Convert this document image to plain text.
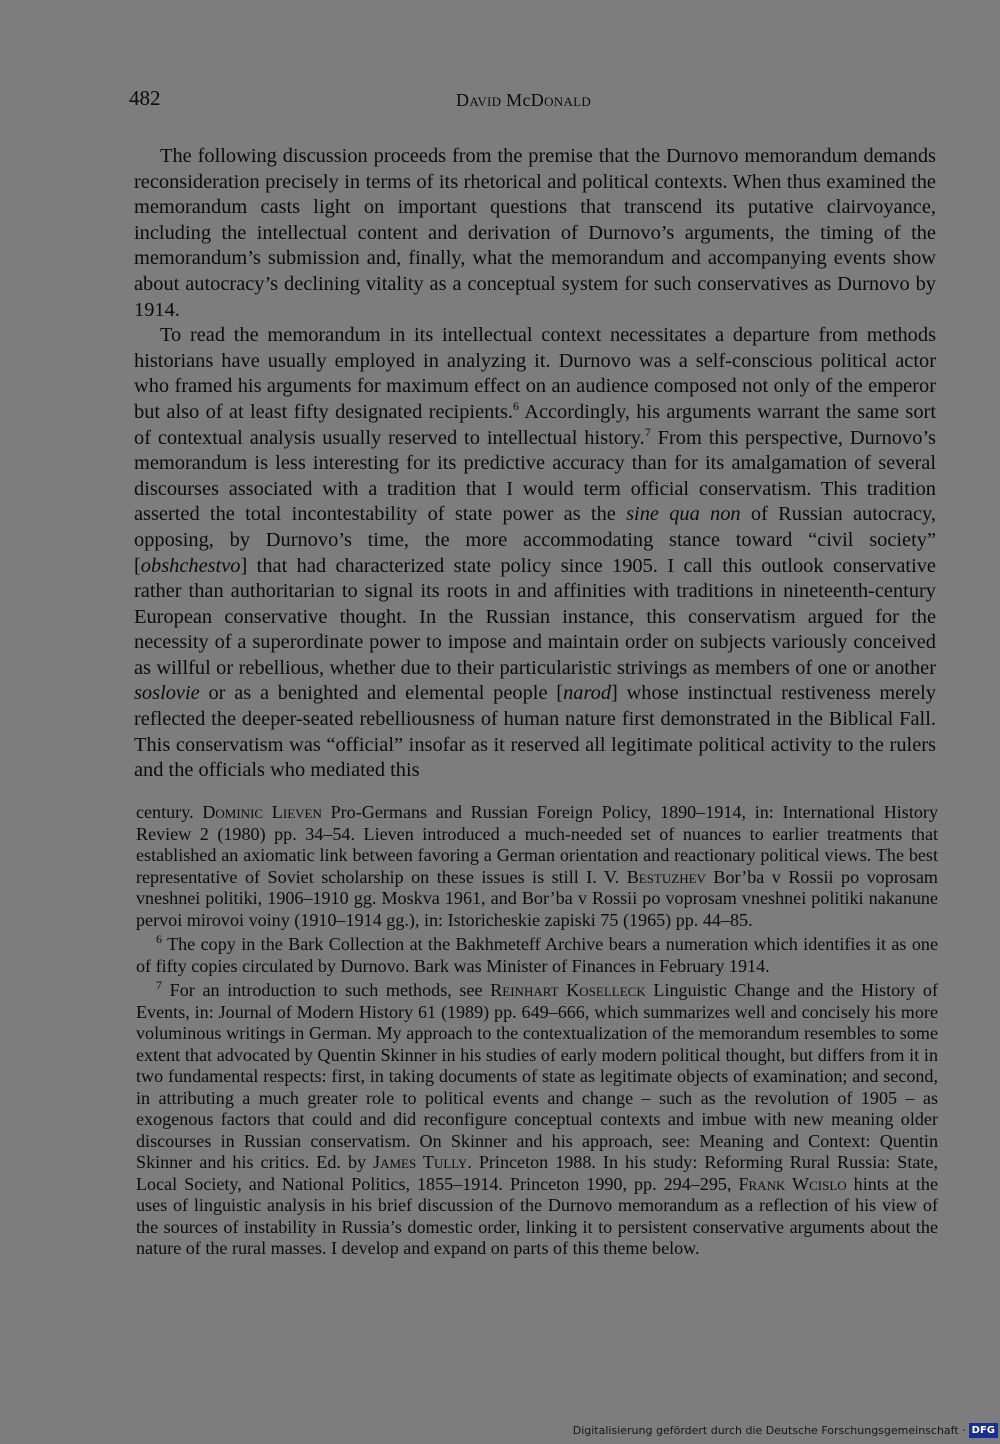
482	David McDonald

The following discussion proceeds from the premise that the Durnovo memorandum demands reconsideration precisely in terms of its rhetorical and political contexts. When thus examined the memorandum casts light on important questions that transcend its putative clairvoyance, including the intellectual content and derivation of Durnovo’s arguments, the timing of the memorandum’s submission and, finally, what the memorandum and accompanying events show about autocracy’s declining vitality as a conceptual system for such conservatives as Durnovo by 1914.

To read the memorandum in its intellectual context necessitates a departure from methods historians have usually employed in analyzing it. Durnovo was a self-conscious political actor who framed his arguments for maximum effect on an audience composed not only of the emperor but also of at least fifty designated recipients.$^6$ Accordingly, his arguments warrant the same sort of contextual analysis usually reserved to intellectual history.$^7$ From this perspective, Durnovo’s memorandum is less interesting for its predictive accuracy than for its amalgamation of several discourses associated with a tradition that I would term official conservatism. This tradition asserted the total incontestability of state power as the sine qua non of Russian autocracy, opposing, by Durnovo’s time, the more accommodating stance toward “civil society” [obshchestvo] that had characterized state policy since 1905. I call this outlook conservative rather than authoritarian to signal its roots in and affinities with traditions in nineteenth-century European conservative thought. In the Russian instance, this conservatism argued for the necessity of a superordinate power to impose and maintain order on subjects variously conceived as willful or rebellious, whether due to their particularistic strivings as members of one or another soslovie or as a benighted and elemental people [narod] whose instinctual restiveness merely reflected the deeper-seated rebelliousness of human nature first demonstrated in the Biblical Fall. This conservatism was “official” insofar as it reserved all legitimate political activity to the rulers and the officials who mediated this

century. Dominic Lieven Pro-Germans and Russian Foreign Policy, 1890–1914, in: International History Review 2 (1980) pp. 34–54. Lieven introduced a much-needed set of nuances to earlier treatments that established an axiomatic link between favoring a German orientation and reactionary political views. The best representative of Soviet scholarship on these issues is still I. V. Bestuzhev Bor’ba v Rossii po voprosam vneshnei politiki, 1906–1910 gg. Moskva 1961, and Bor’ba v Rossii po voprosam vneshnei politiki nakanune pervoi mirovoi voiny (1910–1914 gg.), in: Istoricheskie zapiski 75 (1965) pp. 44–85.

$^6$ The copy in the Bark Collection at the Bakhmeteff Archive bears a numeration which identifies it as one of fifty copies circulated by Durnovo. Bark was Minister of Finances in February 1914.

$^7$ For an introduction to such methods, see Reinhart Koselleck Linguistic Change and the History of Events, in: Journal of Modern History 61 (1989) pp. 649–666, which summarizes well and concisely his more voluminous writings in German. My approach to the contextualization of the memorandum resembles to some extent that advocated by Quentin Skinner in his studies of early modern political thought, but differs from it in two fundamental respects: first, in taking documents of state as legitimate objects of examination; and second, in attributing a much greater role to political events and change – such as the revolution of 1905 – as exogenous factors that could and did reconfigure conceptual contexts and imbue with new meaning older discourses in Russian conservatism. On Skinner and his approach, see: Meaning and Context: Quentin Skinner and his critics. Ed. by James Tully. Princeton 1988. In his study: Reforming Rural Russia: State, Local Society, and National Politics, 1855–1914. Princeton 1990, pp. 294–295, Frank Wcislo hints at the uses of linguistic analysis in his brief discussion of the Durnovo memorandum as a reflection of his view of the sources of instability in Russia’s domestic order, linking it to persistent conservative arguments about the nature of the rural masses. I develop and expand on parts of this theme below.

Digitalisierung gefördert durch die Deutsche Forschungsgemeinschaft · DFG
